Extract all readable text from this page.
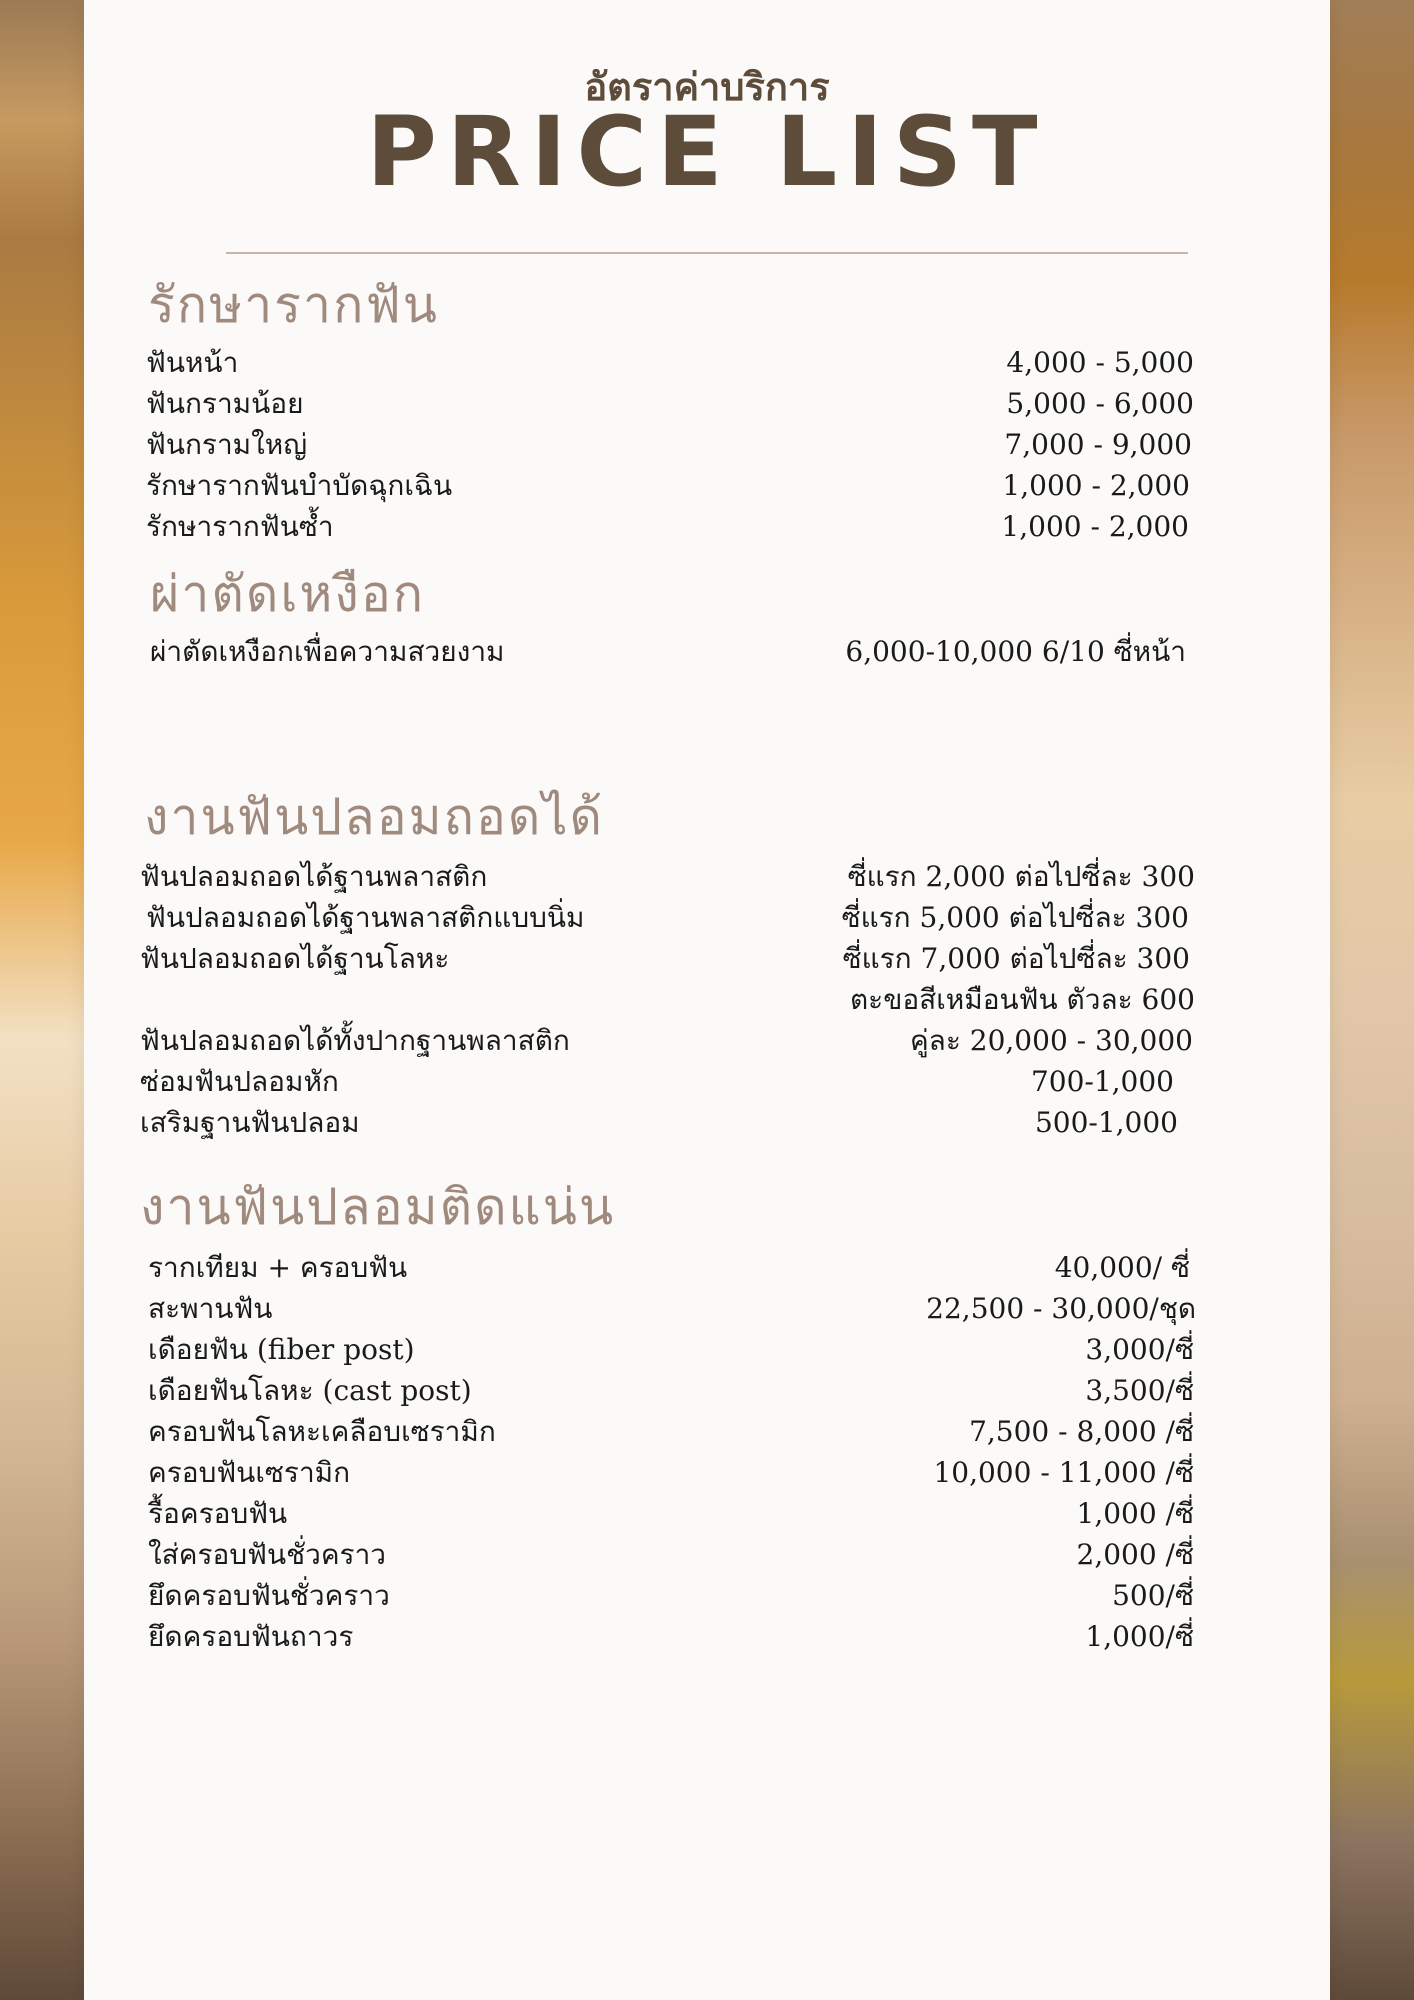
อัตราค่าบริการ
PRICE LIST
รักษารากฟัน
ฟันหน้า	4,000 - 5,000
ฟันกรามน้อย	5,000 - 6,000
ฟันกรามใหญ่	7,000 - 9,000
รักษารากฟันบำบัดฉุกเฉิน	1,000 - 2,000
รักษารากฟันซ้ำ	1,000 - 2,000
ผ่าตัดเหงือก
ผ่าตัดเหงือกเพื่อความสวยงาม	6,000-10,000 6/10 ซี่หน้า
งานฟันปลอมถอดได้
ฟันปลอมถอดได้ฐานพลาสติก	ซี่แรก 2,000 ต่อไปซี่ละ 300
ฟันปลอมถอดได้ฐานพลาสติกแบบนิ่ม	ซี่แรก 5,000 ต่อไปซี่ละ 300
ฟันปลอมถอดได้ฐานโลหะ	ซี่แรก 7,000 ต่อไปซี่ละ 300
ตะขอสีเหมือนฟัน ตัวละ 600
ฟันปลอมถอดได้ทั้งปากฐานพลาสติก	คู่ละ 20,000 - 30,000
ซ่อมฟันปลอมหัก	700-1,000
เสริมฐานฟันปลอม	500-1,000
งานฟันปลอมติดแน่น
รากเทียม + ครอบฟัน	40,000/ ซี่
สะพานฟัน	22,500 - 30,000/ชุด
เดือยฟัน (fiber post)	3,000/ซี่
เดือยฟันโลหะ (cast post)	3,500/ซี่
ครอบฟันโลหะเคลือบเซรามิก	7,500 - 8,000 /ซี่
ครอบฟันเซรามิก	10,000 - 11,000 /ซี่
รื้อครอบฟัน	1,000 /ซี่
ใส่ครอบฟันชั่วคราว	2,000 /ซี่
ยึดครอบฟันชั่วคราว	500/ซี่
ยึดครอบฟันถาวร	1,000/ซี่
